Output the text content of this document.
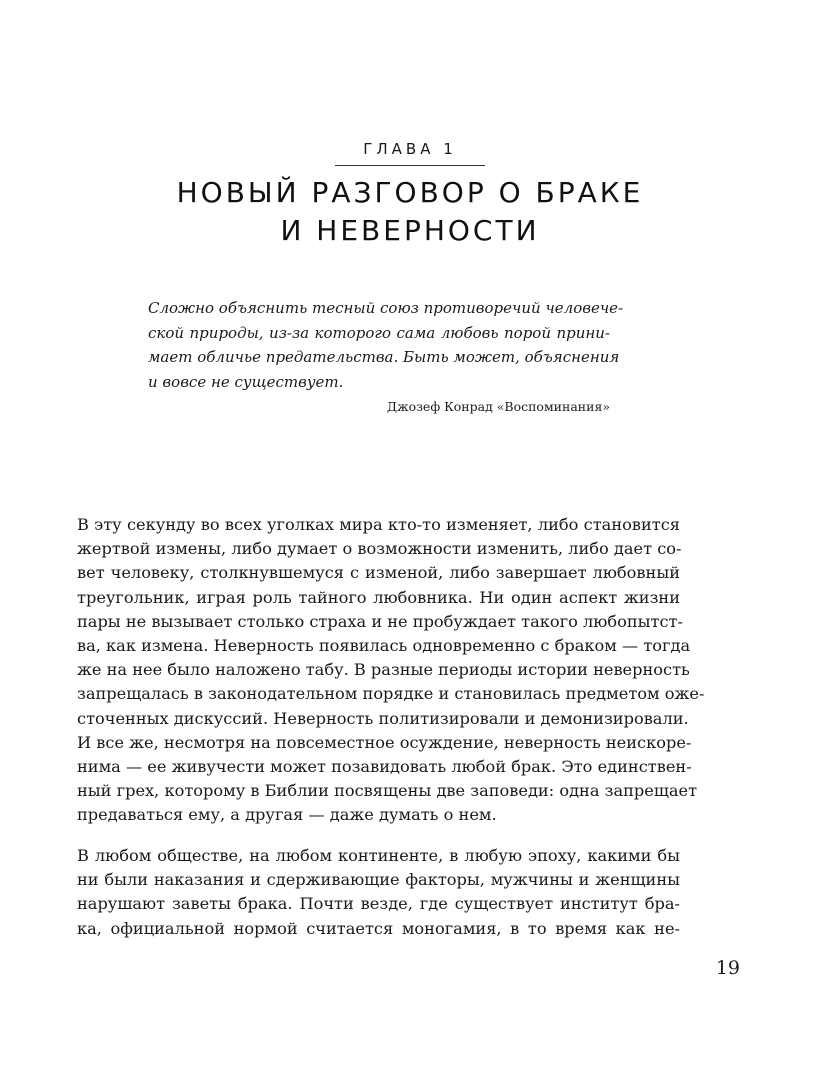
ГЛАВА 1
НОВЫЙ РАЗГОВОР О БРАКЕ
И НЕВЕРНОСТИ
Сложно объяснить тесный союз противоречий человече-
ской природы, из-за которого сама любовь порой прини-
мает обличье предательства. Быть может, объяснения
и вовсе не существует.
Джозеф Конрад «Воспоминания»
В эту секунду во всех уголках мира кто-то изменяет, либо становится
жертвой измены, либо думает о возможности изменить, либо дает со-
вет человеку, столкнувшемуся с изменой, либо завершает любовный
треугольник, играя роль тайного любовника. Ни один аспект жизни
пары не вызывает столько страха и не пробуждает такого любопытст-
ва, как измена. Неверность появилась одновременно с браком — тогда
же на нее было наложено табу. В разные периоды истории неверность
запрещалась в законодательном порядке и становилась предметом оже-
сточенных дискуссий. Неверность политизировали и демонизировали.
И все же, несмотря на повсеместное осуждение, неверность неискоре-
нима — ее живучести может позавидовать любой брак. Это единствен-
ный грех, которому в Библии посвящены две заповеди: одна запрещает
предаваться ему, а другая — даже думать о нем.
В любом обществе, на любом континенте, в любую эпоху, какими бы
ни были наказания и сдерживающие факторы, мужчины и женщины
нарушают заветы брака. Почти везде, где существует институт бра-
ка, официальной нормой считается моногамия, в то время как не-
19
